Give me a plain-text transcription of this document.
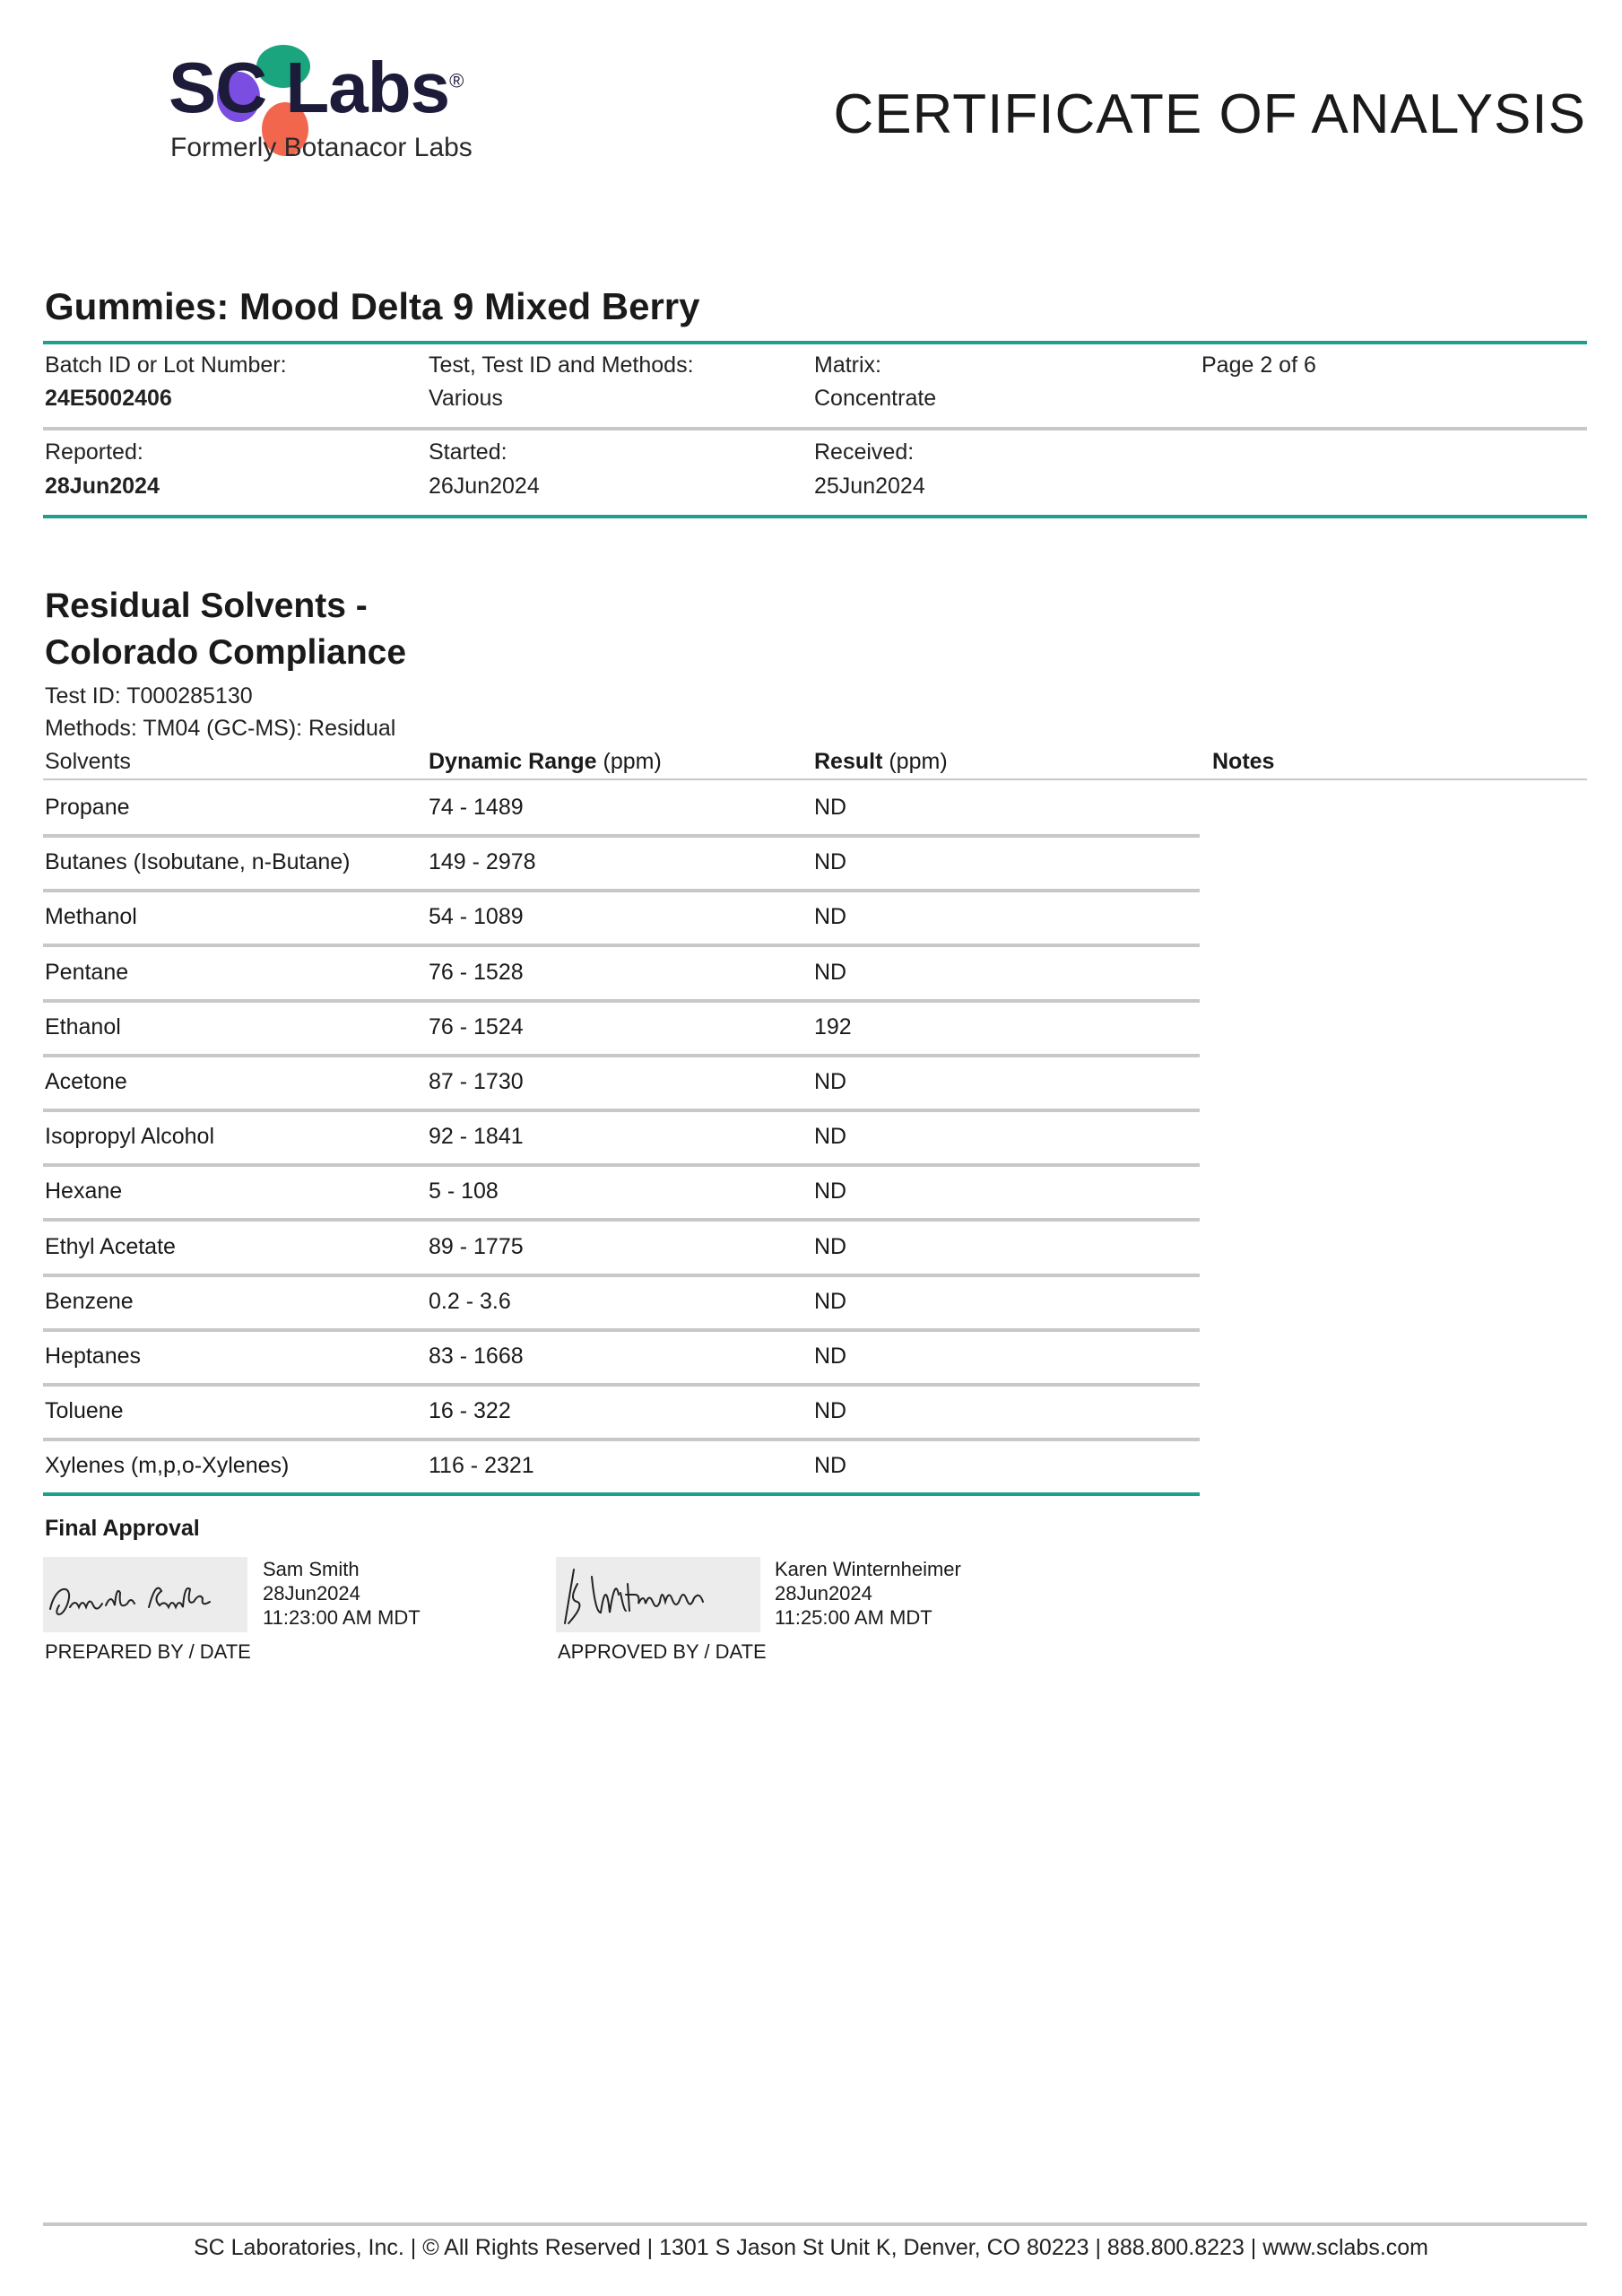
SC Labs®
Formerly Botanacor Labs
CERTIFICATE OF ANALYSIS
Gummies: Mood Delta 9 Mixed Berry
Batch ID or Lot Number:
24E5002406
Test, Test ID and Methods:
Various
Matrix:
Concentrate
Page 2 of 6
Reported:
28Jun2024
Started:
26Jun2024
Received:
25Jun2024
Residual Solvents -
Colorado Compliance
Test ID: T000285130
Methods: TM04 (GC-MS): Residual
Solvents	Dynamic Range (ppm)	Result (ppm)	Notes
Propane	74 - 1489	ND
Butanes (Isobutane, n-Butane)	149 - 2978	ND
Methanol	54 - 1089	ND
Pentane	76 - 1528	ND
Ethanol	76 - 1524	192
Acetone	87 - 1730	ND
Isopropyl Alcohol	92 - 1841	ND
Hexane	5 - 108	ND
Ethyl Acetate	89 - 1775	ND
Benzene	0.2 - 3.6	ND
Heptanes	83 - 1668	ND
Toluene	16 - 322	ND
Xylenes (m,p,o-Xylenes)	116 - 2321	ND
Final Approval
Sam Smith
28Jun2024
11:23:00 AM MDT
PREPARED BY / DATE
Karen Winternheimer
28Jun2024
11:25:00 AM MDT
APPROVED BY / DATE
SC Laboratories, Inc. | © All Rights Reserved | 1301 S Jason St Unit K, Denver, CO 80223 | 888.800.8223 | www.sclabs.com
